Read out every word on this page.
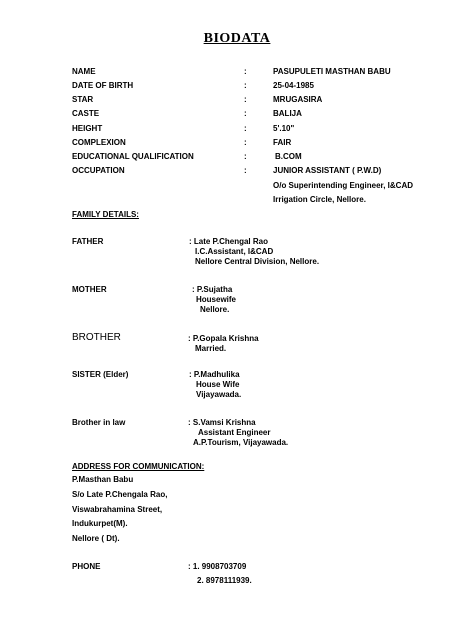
BIODATA
NAME	:	PASUPULETI MASTHAN BABU
DATE OF BIRTH	:	25-04-1985
STAR	:	MRUGASIRA
CASTE	:	BALIJA
HEIGHT	:	5'.10"
COMPLEXION	:	FAIR
EDUCATIONAL QUALIFICATION	:	B.COM
OCCUPATION	:	JUNIOR ASSISTANT ( P.W.D)
O/o Superintending Engineer, I&CAD
Irrigation Circle, Nellore.
FAMILY DETAILS:
FATHER	: Late P.Chengal Rao
I.C.Assistant, I&CAD
Nellore Central Division, Nellore.
MOTHER	: P.Sujatha
Housewife
Nellore.
BROTHER	: P.Gopala Krishna
Married.
SISTER (Elder)	: P.Madhulika
House Wife
Vijayawada.
Brother in law	: S.Vamsi Krishna
Assistant Engineer
A.P.Tourism, Vijayawada.
ADDRESS FOR COMMUNICATION:
P.Masthan Babu
S/o Late P.Chengala Rao,
Viswabrahamina Street,
Indukurpet(M).
Nellore ( Dt).
PHONE	: 1. 9908703709
2. 8978111939.
